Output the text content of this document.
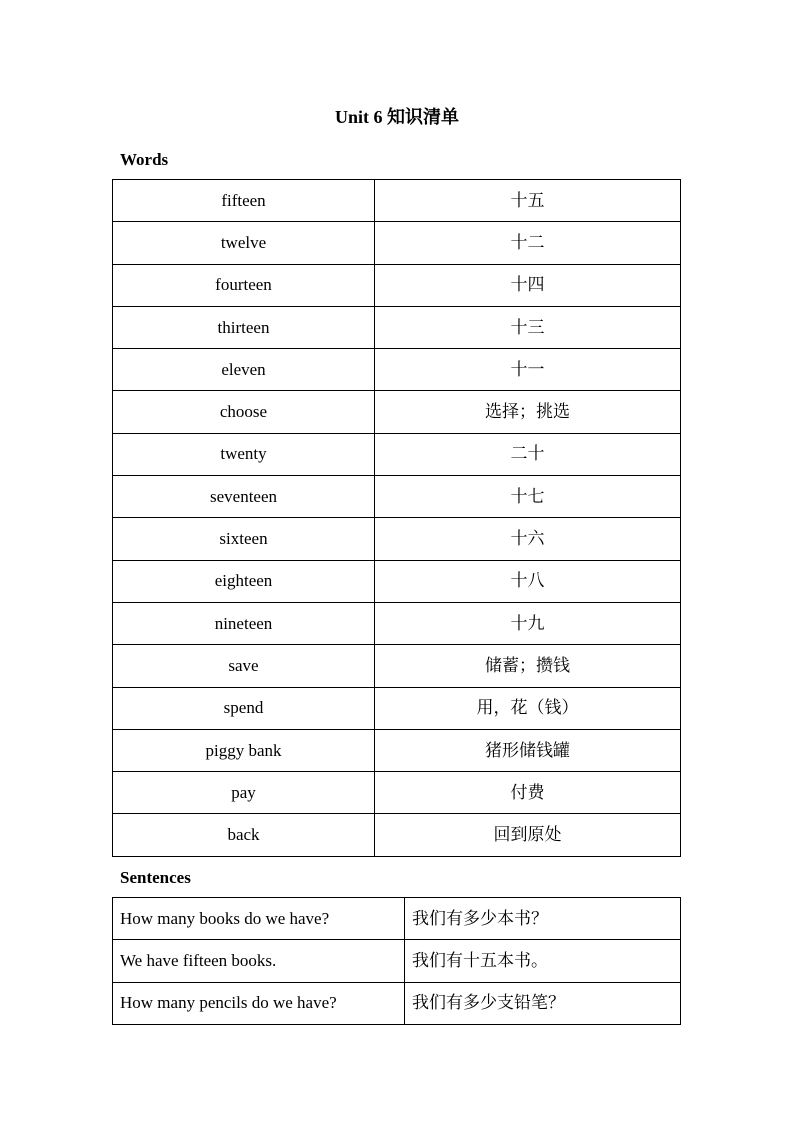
Unit 6 知识清单
Words
fifteen	十五
twelve	十二
fourteen	十四
thirteen	十三
eleven	十一
choose	选择；挑选
twenty	二十
seventeen	十七
sixteen	十六
eighteen	十八
nineteen	十九
save	储蓄；攒钱
spend	用，花（钱）
piggy bank	猪形储钱罐
pay	付费
back	回到原处
Sentences
How many books do we have?	我们有多少本书？
We have fifteen books.	我们有十五本书。
How many pencils do we have?	我们有多少支铅笔？
